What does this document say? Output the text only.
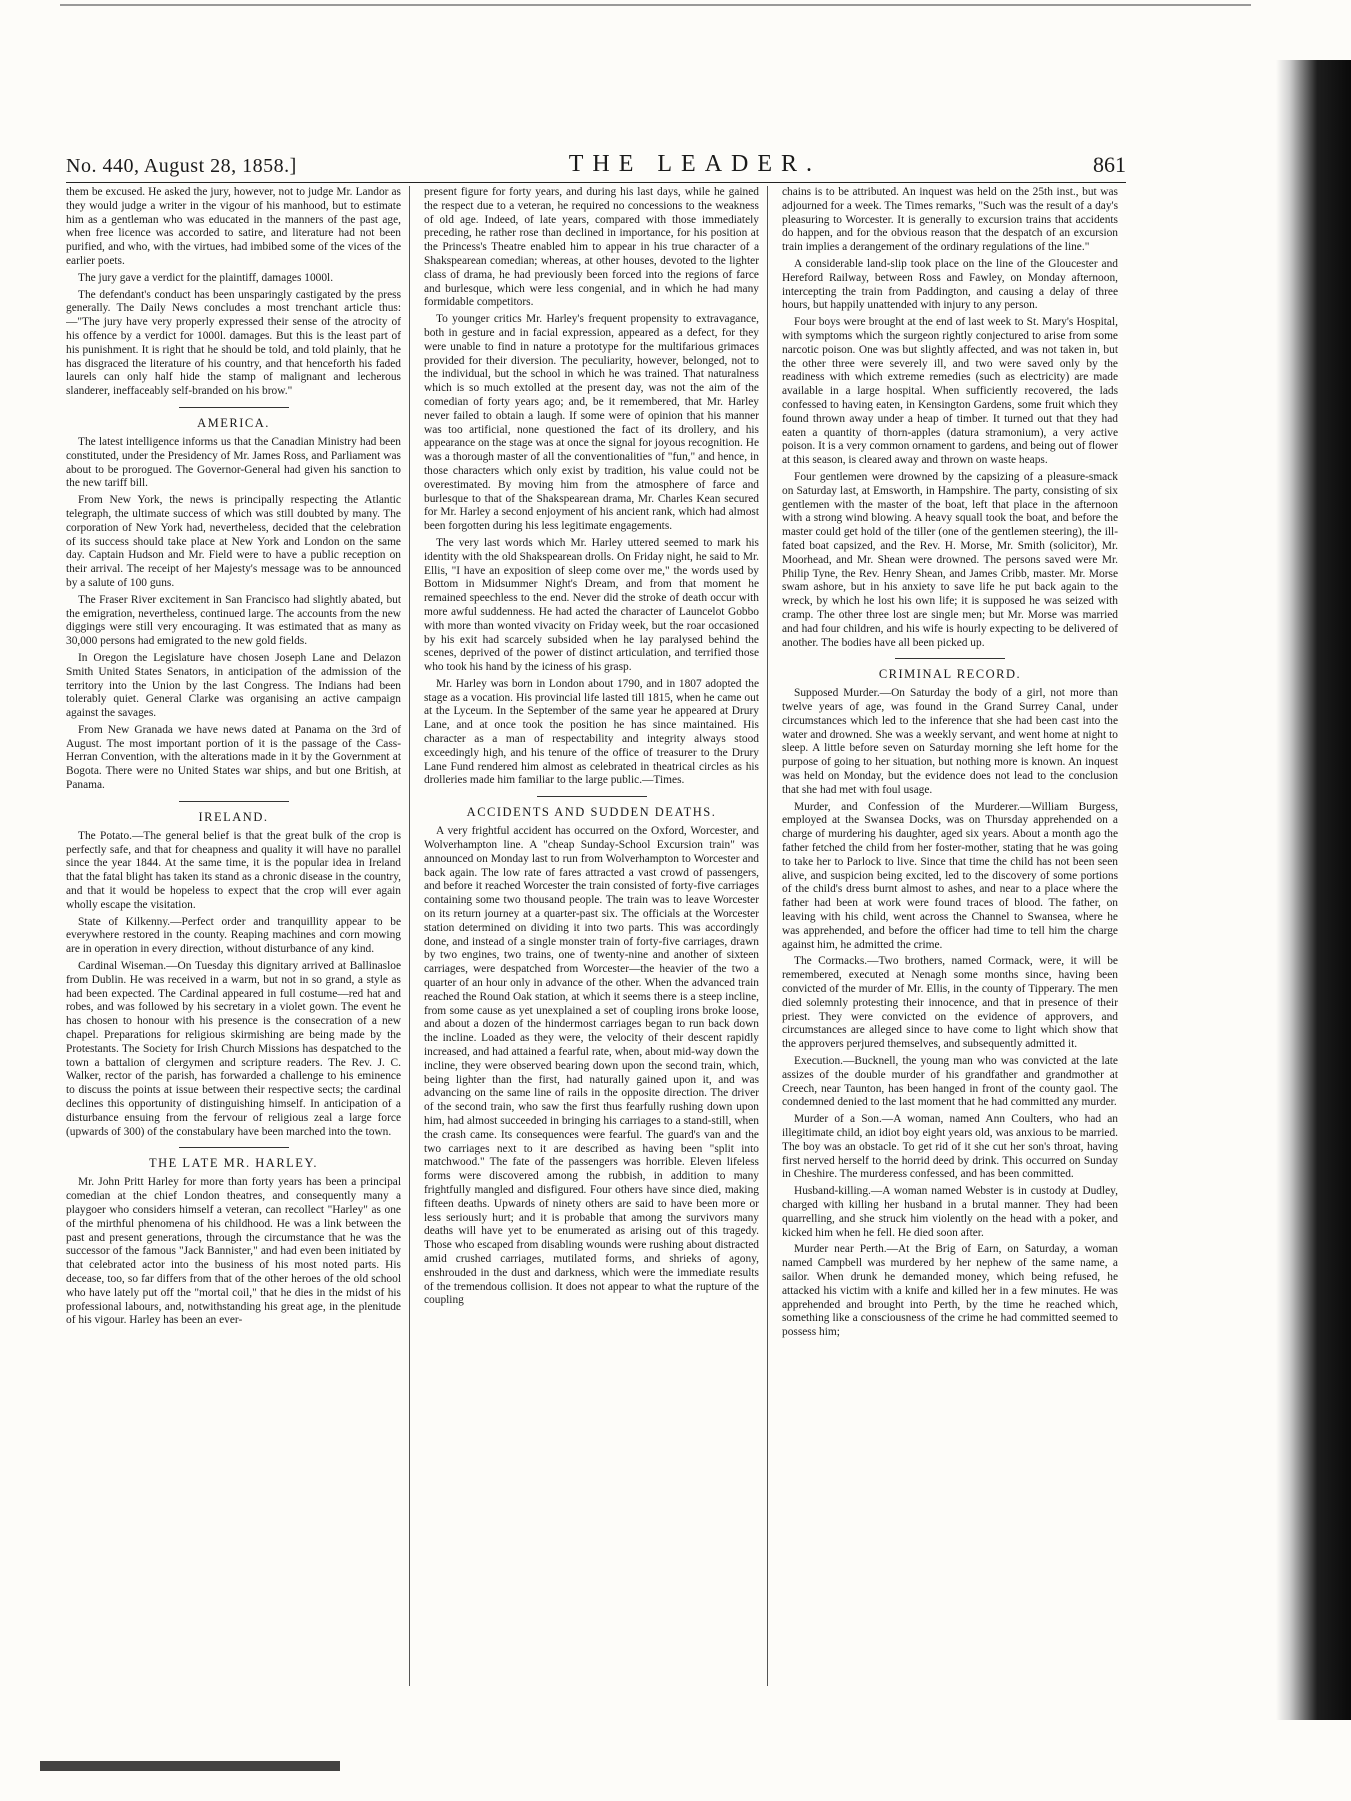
No. 440, August 28, 1858.]	THE LEADER.	861

them be excused. He asked the jury, however, not to judge Mr. Landor as they would judge a writer in the vigour of his manhood, but to estimate him as a gentleman who was educated in the manners of the past age, when free licence was accorded to satire, and literature had not been purified, and who, with the virtues, had imbibed some of the vices of the earlier poets.

The jury gave a verdict for the plaintiff, damages 1000l.

The defendant's conduct has been unsparingly castigated by the press generally. The Daily News concludes a most trenchant article thus:—"The jury have very properly expressed their sense of the atrocity of his offence by a verdict for 1000l. damages. But this is the least part of his punishment. It is right that he should be told, and told plainly, that he has disgraced the literature of his country, and that henceforth his faded laurels can only half hide the stamp of malignant and lecherous slanderer, ineffaceably self-branded on his brow."

AMERICA.

The latest intelligence informs us that the Canadian Ministry had been constituted, under the Presidency of Mr. James Ross, and Parliament was about to be prorogued. The Governor-General had given his sanction to the new tariff bill.

From New York, the news is principally respecting the Atlantic telegraph, the ultimate success of which was still doubted by many. The corporation of New York had, nevertheless, decided that the celebration of its success should take place at New York and London on the same day. Captain Hudson and Mr. Field were to have a public reception on their arrival. The receipt of her Majesty's message was to be announced by a salute of 100 guns.

The Fraser River excitement in San Francisco had slightly abated, but the emigration, nevertheless, continued large. The accounts from the new diggings were still very encouraging. It was estimated that as many as 30,000 persons had emigrated to the new gold fields.

In Oregon the Legislature have chosen Joseph Lane and Delazon Smith United States Senators, in anticipation of the admission of the territory into the Union by the last Congress. The Indians had been tolerably quiet. General Clarke was organising an active campaign against the savages.

From New Granada we have news dated at Panama on the 3rd of August. The most important portion of it is the passage of the Cass-Herran Convention, with the alterations made in it by the Government at Bogota. There were no United States war ships, and but one British, at Panama.

IRELAND.

The Potato.—The general belief is that the great bulk of the crop is perfectly safe, and that for cheapness and quality it will have no parallel since the year 1844. At the same time, it is the popular idea in Ireland that the fatal blight has taken its stand as a chronic disease in the country, and that it would be hopeless to expect that the crop will ever again wholly escape the visitation.

State of Kilkenny.—Perfect order and tranquillity appear to be everywhere restored in the county. Reaping machines and corn mowing are in operation in every direction, without disturbance of any kind.

Cardinal Wiseman.—On Tuesday this dignitary arrived at Ballinasloe from Dublin. He was received in a warm, but not in so grand, a style as had been expected. The Cardinal appeared in full costume—red hat and robes, and was followed by his secretary in a violet gown. The event he has chosen to honour with his presence is the consecration of a new chapel. Preparations for religious skirmishing are being made by the Protestants. The Society for Irish Church Missions has despatched to the town a battalion of clergymen and scripture readers. The Rev. J. C. Walker, rector of the parish, has forwarded a challenge to his eminence to discuss the points at issue between their respective sects; the cardinal declines this opportunity of distinguishing himself. In anticipation of a disturbance ensuing from the fervour of religious zeal a large force (upwards of 300) of the constabulary have been marched into the town.

THE LATE MR. HARLEY.

Mr. John Pritt Harley for more than forty years has been a principal comedian at the chief London theatres, and consequently many a playgoer who considers himself a veteran, can recollect "Harley" as one of the mirthful phenomena of his childhood. He was a link between the past and present generations, through the circumstance that he was the successor of the famous "Jack Bannister," and had even been initiated by that celebrated actor into the business of his most noted parts. His decease, too, so far differs from that of the other heroes of the old school who have lately put off the "mortal coil," that he dies in the midst of his professional labours, and, notwithstanding his great age, in the plenitude of his vigour. Harley has been an ever-

present figure for forty years, and during his last days, while he gained the respect due to a veteran, he required no concessions to the weakness of old age. Indeed, of late years, compared with those immediately preceding, he rather rose than declined in importance, for his position at the Princess's Theatre enabled him to appear in his true character of a Shakspearean comedian; whereas, at other houses, devoted to the lighter class of drama, he had previously been forced into the regions of farce and burlesque, which were less congenial, and in which he had many formidable competitors.

To younger critics Mr. Harley's frequent propensity to extravagance, both in gesture and in facial expression, appeared as a defect, for they were unable to find in nature a prototype for the multifarious grimaces provided for their diversion. The peculiarity, however, belonged, not to the individual, but the school in which he was trained. That naturalness which is so much extolled at the present day, was not the aim of the comedian of forty years ago; and, be it remembered, that Mr. Harley never failed to obtain a laugh. If some were of opinion that his manner was too artificial, none questioned the fact of its drollery, and his appearance on the stage was at once the signal for joyous recognition. He was a thorough master of all the conventionalities of "fun," and hence, in those characters which only exist by tradition, his value could not be overestimated. By moving him from the atmosphere of farce and burlesque to that of the Shakspearean drama, Mr. Charles Kean secured for Mr. Harley a second enjoyment of his ancient rank, which had almost been forgotten during his less legitimate engagements.

The very last words which Mr. Harley uttered seemed to mark his identity with the old Shakspearean drolls. On Friday night, he said to Mr. Ellis, "I have an exposition of sleep come over me," the words used by Bottom in Midsummer Night's Dream, and from that moment he remained speechless to the end. Never did the stroke of death occur with more awful suddenness. He had acted the character of Launcelot Gobbo with more than wonted vivacity on Friday week, but the roar occasioned by his exit had scarcely subsided when he lay paralysed behind the scenes, deprived of the power of distinct articulation, and terrified those who took his hand by the iciness of his grasp.

Mr. Harley was born in London about 1790, and in 1807 adopted the stage as a vocation. His provincial life lasted till 1815, when he came out at the Lyceum. In the September of the same year he appeared at Drury Lane, and at once took the position he has since maintained. His character as a man of respectability and integrity always stood exceedingly high, and his tenure of the office of treasurer to the Drury Lane Fund rendered him almost as celebrated in theatrical circles as his drolleries made him familiar to the large public.—Times.

ACCIDENTS AND SUDDEN DEATHS.

A very frightful accident has occurred on the Oxford, Worcester, and Wolverhampton line. A "cheap Sunday-School Excursion train" was announced on Monday last to run from Wolverhampton to Worcester and back again. The low rate of fares attracted a vast crowd of passengers, and before it reached Worcester the train consisted of forty-five carriages containing some two thousand people. The train was to leave Worcester on its return journey at a quarter-past six. The officials at the Worcester station determined on dividing it into two parts. This was accordingly done, and instead of a single monster train of forty-five carriages, drawn by two engines, two trains, one of twenty-nine and another of sixteen carriages, were despatched from Worcester—the heavier of the two a quarter of an hour only in advance of the other. When the advanced train reached the Round Oak station, at which it seems there is a steep incline, from some cause as yet unexplained a set of coupling irons broke loose, and about a dozen of the hindermost carriages began to run back down the incline. Loaded as they were, the velocity of their descent rapidly increased, and had attained a fearful rate, when, about mid-way down the incline, they were observed bearing down upon the second train, which, being lighter than the first, had naturally gained upon it, and was advancing on the same line of rails in the opposite direction. The driver of the second train, who saw the first thus fearfully rushing down upon him, had almost succeeded in bringing his carriages to a stand-still, when the crash came. Its consequences were fearful. The guard's van and the two carriages next to it are described as having been "split into matchwood." The fate of the passengers was horrible. Eleven lifeless forms were discovered among the rubbish, in addition to many frightfully mangled and disfigured. Four others have since died, making fifteen deaths. Upwards of ninety others are said to have been more or less seriously hurt; and it is probable that among the survivors many deaths will have yet to be enumerated as arising out of this tragedy. Those who escaped from disabling wounds were rushing about distracted amid crushed carriages, mutilated forms, and shrieks of agony, enshrouded in the dust and darkness, which were the immediate results of the tremendous collision. It does not appear to what the rupture of the coupling

chains is to be attributed. An inquest was held on the 25th inst., but was adjourned for a week. The Times remarks, "Such was the result of a day's pleasuring to Worcester. It is generally to excursion trains that accidents do happen, and for the obvious reason that the despatch of an excursion train implies a derangement of the ordinary regulations of the line."

A considerable land-slip took place on the line of the Gloucester and Hereford Railway, between Ross and Fawley, on Monday afternoon, intercepting the train from Paddington, and causing a delay of three hours, but happily unattended with injury to any person.

Four boys were brought at the end of last week to St. Mary's Hospital, with symptoms which the surgeon rightly conjectured to arise from some narcotic poison. One was but slightly affected, and was not taken in, but the other three were severely ill, and two were saved only by the readiness with which extreme remedies (such as electricity) are made available in a large hospital. When sufficiently recovered, the lads confessed to having eaten, in Kensington Gardens, some fruit which they found thrown away under a heap of timber. It turned out that they had eaten a quantity of thorn-apples (datura stramonium), a very active poison. It is a very common ornament to gardens, and being out of flower at this season, is cleared away and thrown on waste heaps.

Four gentlemen were drowned by the capsizing of a pleasure-smack on Saturday last, at Emsworth, in Hampshire. The party, consisting of six gentlemen with the master of the boat, left that place in the afternoon with a strong wind blowing. A heavy squall took the boat, and before the master could get hold of the tiller (one of the gentlemen steering), the ill-fated boat capsized, and the Rev. H. Morse, Mr. Smith (solicitor), Mr. Moorhead, and Mr. Shean were drowned. The persons saved were Mr. Philip Tyne, the Rev. Henry Shean, and James Cribb, master. Mr. Morse swam ashore, but in his anxiety to save life he put back again to the wreck, by which he lost his own life; it is supposed he was seized with cramp. The other three lost are single men; but Mr. Morse was married and had four children, and his wife is hourly expecting to be delivered of another. The bodies have all been picked up.

CRIMINAL RECORD.

Supposed Murder.—On Saturday the body of a girl, not more than twelve years of age, was found in the Grand Surrey Canal, under circumstances which led to the inference that she had been cast into the water and drowned. She was a weekly servant, and went home at night to sleep. A little before seven on Saturday morning she left home for the purpose of going to her situation, but nothing more is known. An inquest was held on Monday, but the evidence does not lead to the conclusion that she had met with foul usage.

Murder, and Confession of the Murderer.—William Burgess, employed at the Swansea Docks, was on Thursday apprehended on a charge of murdering his daughter, aged six years. About a month ago the father fetched the child from her foster-mother, stating that he was going to take her to Parlock to live. Since that time the child has not been seen alive, and suspicion being excited, led to the discovery of some portions of the child's dress burnt almost to ashes, and near to a place where the father had been at work were found traces of blood. The father, on leaving with his child, went across the Channel to Swansea, where he was apprehended, and before the officer had time to tell him the charge against him, he admitted the crime.

The Cormacks.—Two brothers, named Cormack, were, it will be remembered, executed at Nenagh some months since, having been convicted of the murder of Mr. Ellis, in the county of Tipperary. The men died solemnly protesting their innocence, and that in presence of their priest. They were convicted on the evidence of approvers, and circumstances are alleged since to have come to light which show that the approvers perjured themselves, and subsequently admitted it.

Execution.—Bucknell, the young man who was convicted at the late assizes of the double murder of his grandfather and grandmother at Creech, near Taunton, has been hanged in front of the county gaol. The condemned denied to the last moment that he had committed any murder.

Murder of a Son.—A woman, named Ann Coulters, who had an illegitimate child, an idiot boy eight years old, was anxious to be married. The boy was an obstacle. To get rid of it she cut her son's throat, having first nerved herself to the horrid deed by drink. This occurred on Sunday in Cheshire. The murderess confessed, and has been committed.

Husband-killing.—A woman named Webster is in custody at Dudley, charged with killing her husband in a brutal manner. They had been quarrelling, and she struck him violently on the head with a poker, and kicked him when he fell. He died soon after.

Murder near Perth.—At the Brig of Earn, on Saturday, a woman named Campbell was murdered by her nephew of the same name, a sailor. When drunk he demanded money, which being refused, he attacked his victim with a knife and killed her in a few minutes. He was apprehended and brought into Perth, by the time he reached which, something like a consciousness of the crime he had committed seemed to possess him;
